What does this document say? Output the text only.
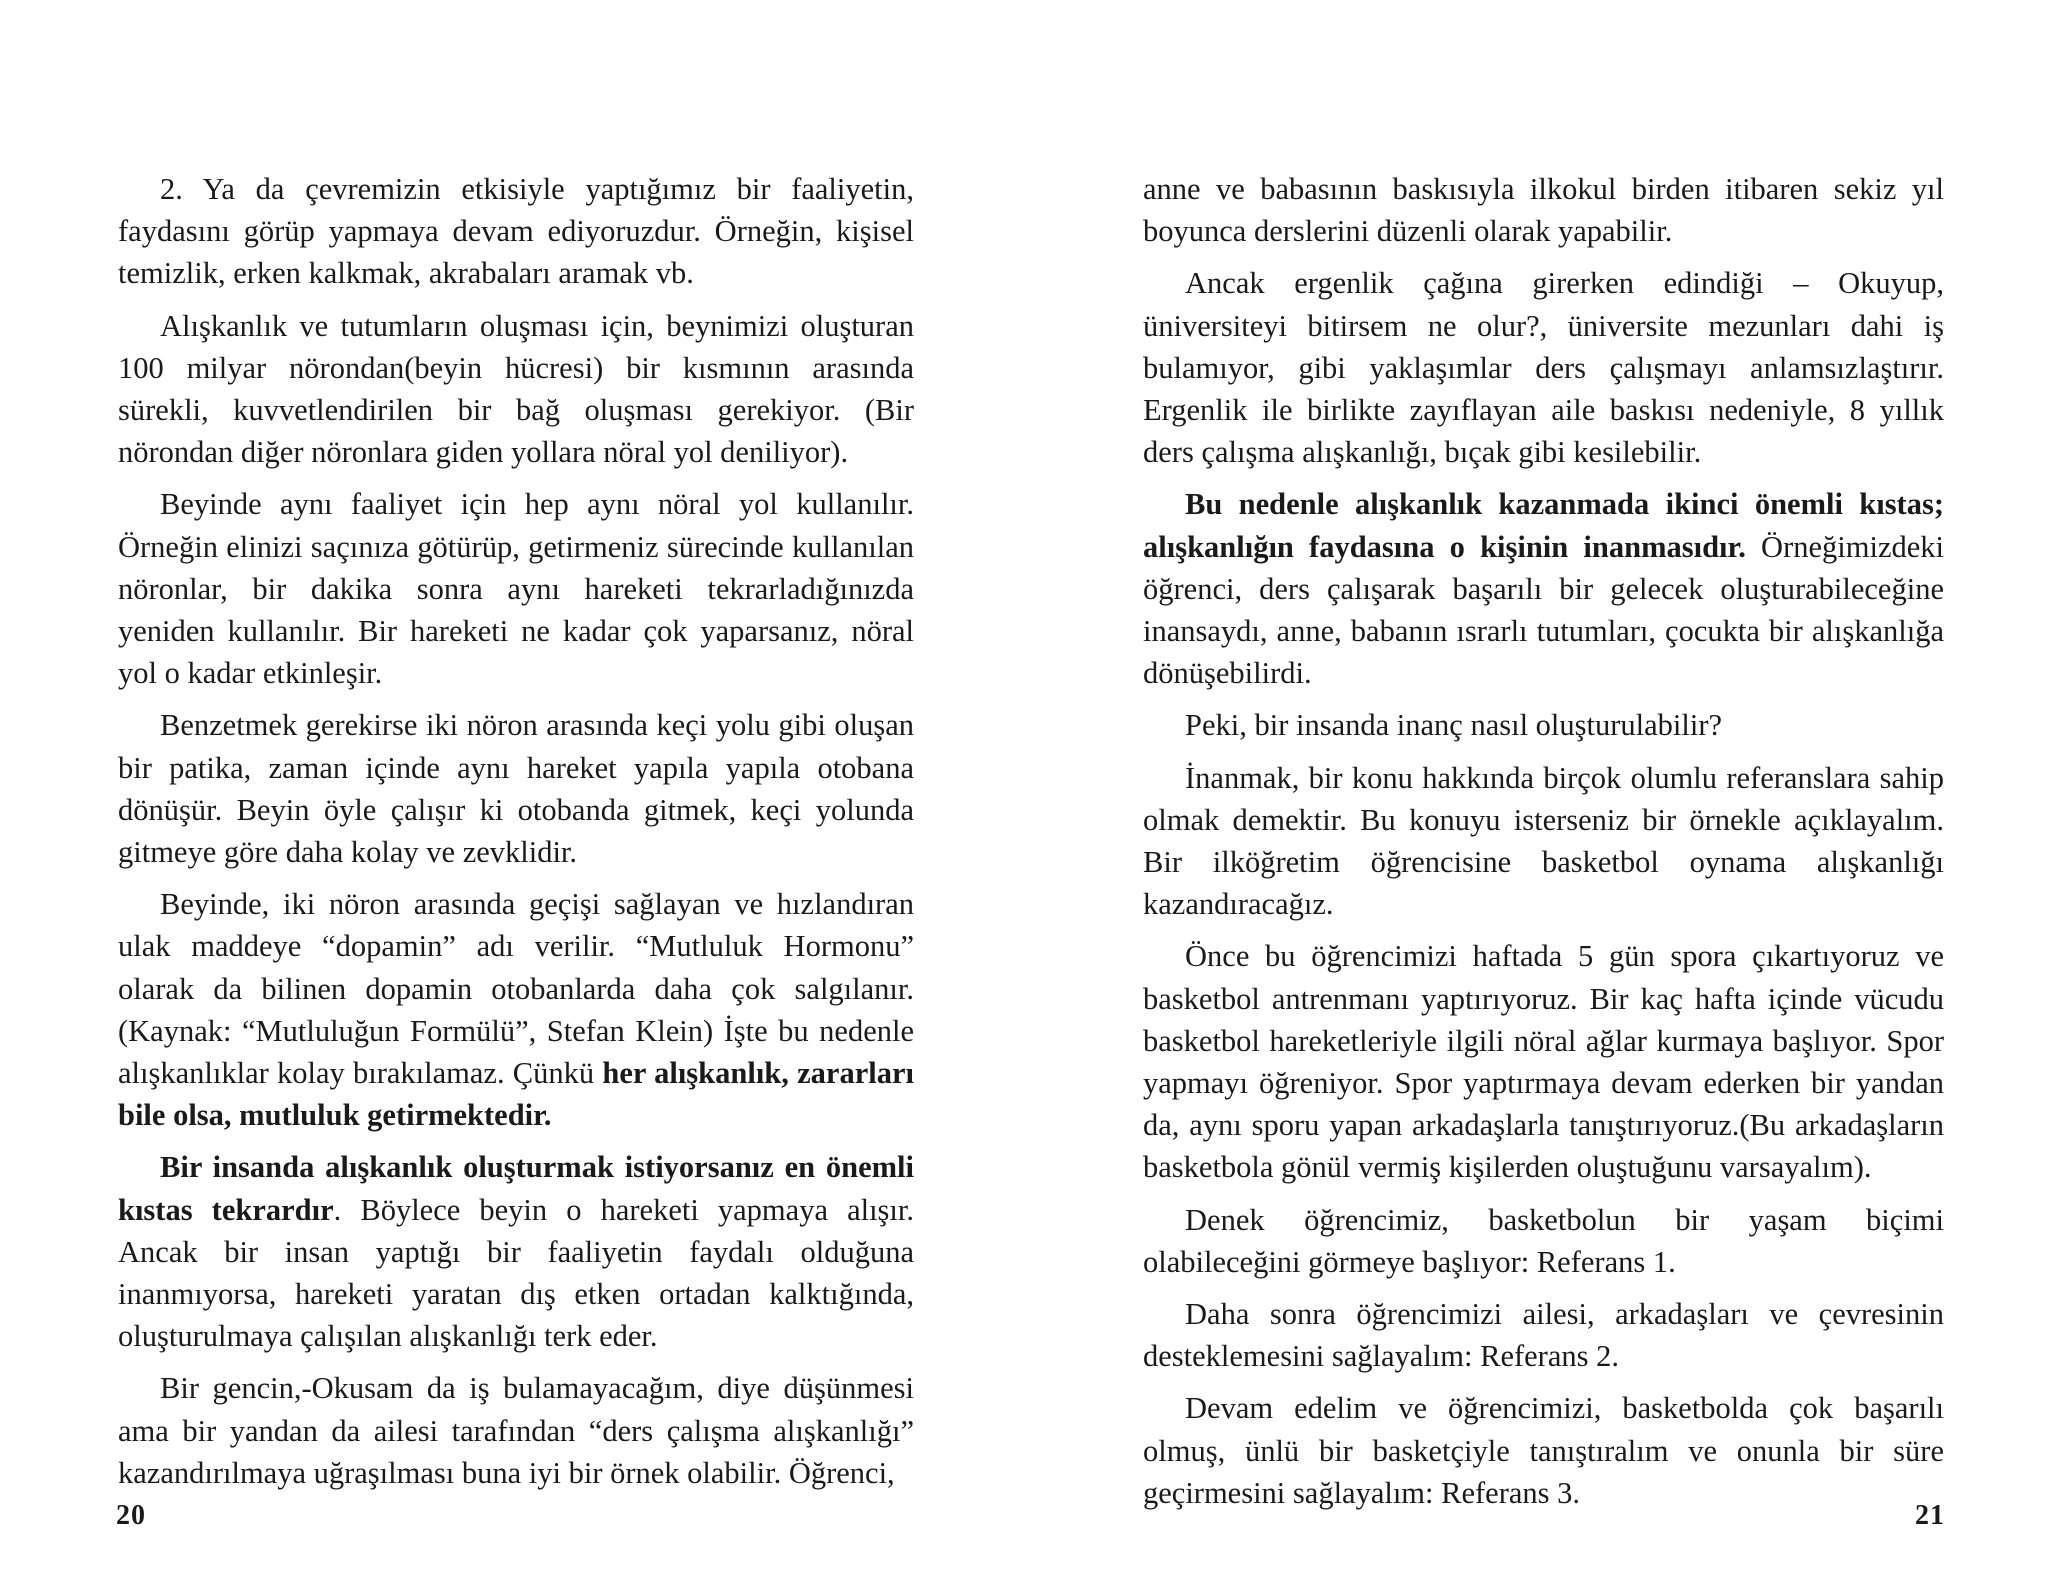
2. Ya da çevremizin etkisiyle yaptığımız bir faaliyetin, faydasını görüp yapmaya devam ediyoruzdur. Örneğin, kişisel temizlik, erken kalkmak, akrabaları aramak vb.

Alışkanlık ve tutumların oluşması için, beynimizi oluşturan 100 milyar nörondan(beyin hücresi) bir kısmının arasında sürekli, kuvvetlendirilen bir bağ oluşması gerekiyor. (Bir nörondan diğer nöronlara giden yollara nöral yol deniliyor).

Beyinde aynı faaliyet için hep aynı nöral yol kullanılır. Örneğin elinizi saçınıza götürüp, getirmeniz sürecinde kullanılan nöronlar, bir dakika sonra aynı hareketi tekrarladığınızda yeniden kullanılır. Bir hareketi ne kadar çok yaparsanız, nöral yol o kadar etkinleşir.

Benzetmek gerekirse iki nöron arasında keçi yolu gibi oluşan bir patika, zaman içinde aynı hareket yapıla yapıla otobana dönüşür. Beyin öyle çalışır ki otobanda gitmek, keçi yolunda gitmeye göre daha kolay ve zevklidir.

Beyinde, iki nöron arasında geçişi sağlayan ve hızlandıran ulak maddeye “dopamin” adı verilir. “Mutluluk Hormonu” olarak da bilinen dopamin otobanlarda daha çok salgılanır. (Kaynak: “Mutluluğun Formülü”, Stefan Klein) İşte bu nedenle alışkanlıklar kolay bırakılamaz. Çünkü her alışkanlık, zararları bile olsa, mutluluk getirmektedir.

Bir insanda alışkanlık oluşturmak istiyorsanız en önemli kıstas tekrardır. Böylece beyin o hareketi yapmaya alışır. Ancak bir insan yaptığı bir faaliyetin faydalı olduğuna inanmıyorsa, hareketi yaratan dış etken ortadan kalktığında, oluşturulmaya çalışılan alışkanlığı terk eder.

Bir gencin,-Okusam da iş bulamayacağım, diye düşünmesi ama bir yandan da ailesi tarafından “ders çalışma alışkanlığı” kazandırılmaya uğraşılması buna iyi bir örnek olabilir. Öğrenci,

20

anne ve babasının baskısıyla ilkokul birden itibaren sekiz yıl boyunca derslerini düzenli olarak yapabilir.

Ancak ergenlik çağına girerken edindiği – Okuyup, üniversiteyi bitirsem ne olur?, üniversite mezunları dahi iş bulamıyor, gibi yaklaşımlar ders çalışmayı anlamsızlaştırır. Ergenlik ile birlikte zayıflayan aile baskısı nedeniyle, 8 yıllık ders çalışma alışkanlığı, bıçak gibi kesilebilir.

Bu nedenle alışkanlık kazanmada ikinci önemli kıstas; alışkanlığın faydasına o kişinin inanmasıdır. Örneğimizdeki öğrenci, ders çalışarak başarılı bir gelecek oluşturabileceğine inansaydı, anne, babanın ısrarlı tutumları, çocukta bir alışkanlığa dönüşebilirdi.

Peki, bir insanda inanç nasıl oluşturulabilir?

İnanmak, bir konu hakkında birçok olumlu referanslara sahip olmak demektir. Bu konuyu isterseniz bir örnekle açıklayalım. Bir ilköğretim öğrencisine basketbol oynama alışkanlığı kazandıracağız.

Önce bu öğrencimizi haftada 5 gün spora çıkartıyoruz ve basketbol antrenmanı yaptırıyoruz. Bir kaç hafta içinde vücudu basketbol hareketleriyle ilgili nöral ağlar kurmaya başlıyor. Spor yapmayı öğreniyor. Spor yaptırmaya devam ederken bir yandan da, aynı sporu yapan arkadaşlarla tanıştırıyoruz.(Bu arkadaşların basketbola gönül vermiş kişilerden oluştuğunu varsayalım).

Denek öğrencimiz, basketbolun bir yaşam biçimi olabileceğini görmeye başlıyor: Referans 1.

Daha sonra öğrencimizi ailesi, arkadaşları ve çevresinin desteklemesini sağlayalım: Referans 2.

Devam edelim ve öğrencimizi, basketbolda çok başarılı olmuş, ünlü bir basketçiyle tanıştıralım ve onunla bir süre geçirmesini sağlayalım: Referans 3.

21
